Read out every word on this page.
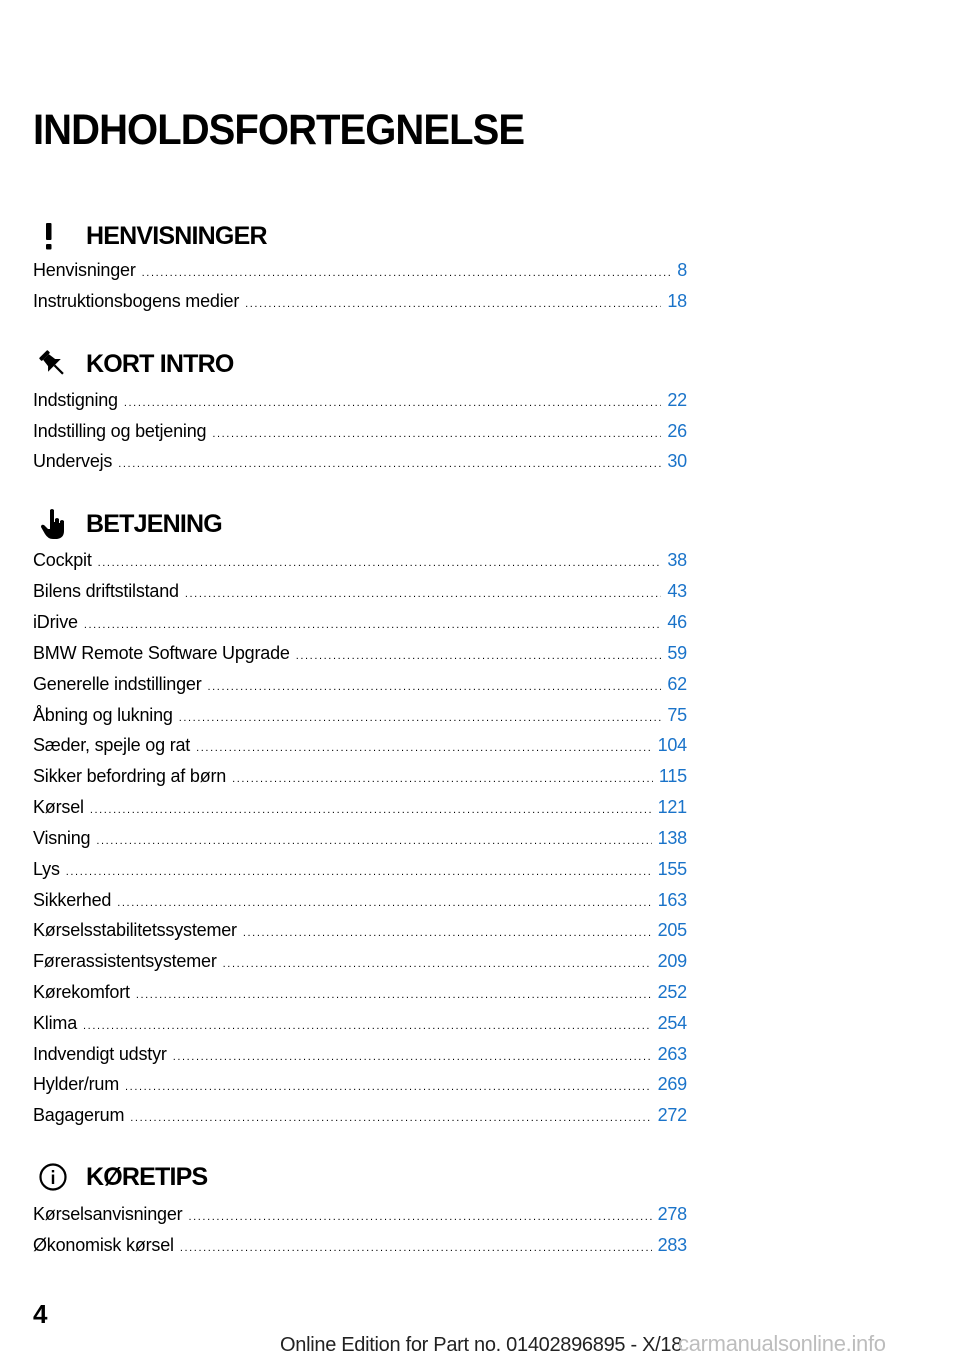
INDHOLDSFORTEGNELSE
HENVISNINGER
Henvisninger .....	8
Instruktionsbogens medier .....	18
KORT INTRO
Indstigning .....	22
Indstilling og betjening .....	26
Undervejs .....	30
BETJENING
Cockpit .....	38
Bilens driftstilstand .....	43
iDrive .....	46
BMW Remote Software Upgrade .....	59
Generelle indstillinger .....	62
Åbning og lukning .....	75
Sæder, spejle og rat .....	104
Sikker befordring af børn .....	115
Kørsel .....	121
Visning .....	138
Lys .....	155
Sikkerhed .....	163
Kørselsstabilitetssystemer .....	205
Førerassistentsystemer .....	209
Kørekomfort .....	252
Klima .....	254
Indvendigt udstyr .....	263
Hylder/rum .....	269
Bagagerum .....	272
KØRETIPS
Kørselsanvisninger .....	278
Økonomisk kørsel .....	283
4
Online Edition for Part no. 01402896895 - X/18
carmanualsonline.info
